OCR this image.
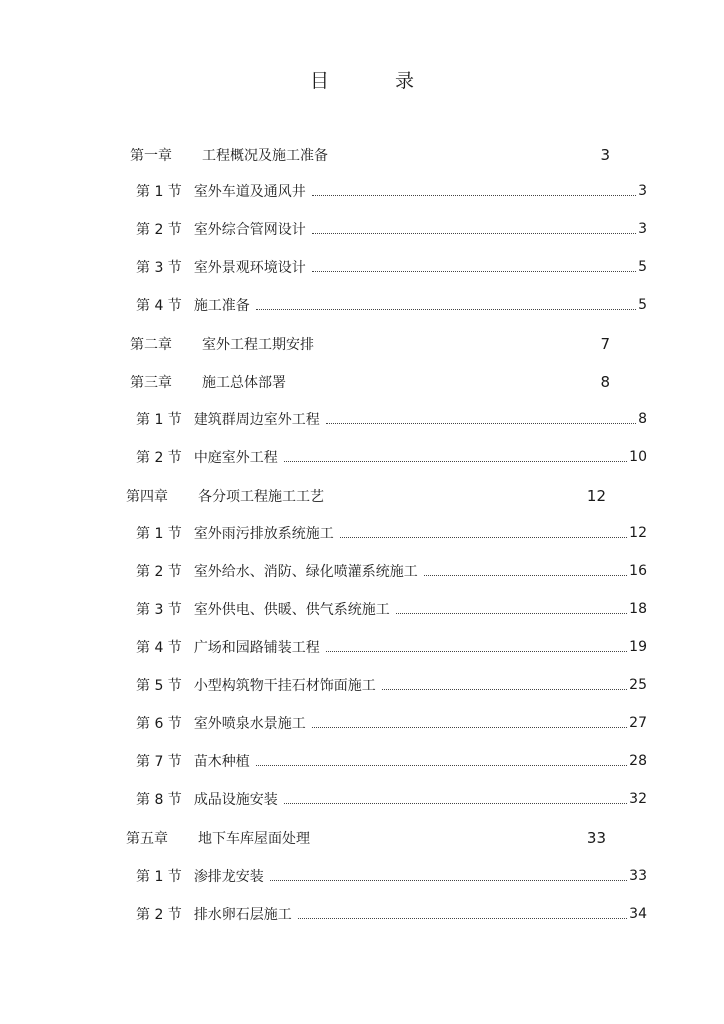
目 录
第一章	工程概况及施工准备	3
第 1 节 室外车道及通风井	3
第 2 节 室外综合管网设计	3
第 3 节 室外景观环境设计	5
第 4 节 施工准备	5
第二章	室外工程工期安排	7
第三章	施工总体部署	8
第 1 节 建筑群周边室外工程	8
第 2 节 中庭室外工程	10
第四章	各分项工程施工工艺	12
第 1 节 室外雨污排放系统施工	12
第 2 节 室外给水、消防、绿化喷灌系统施工	16
第 3 节 室外供电、供暖、供气系统施工	18
第 4 节 广场和园路铺装工程	19
第 5 节 小型构筑物干挂石材饰面施工	25
第 6 节 室外喷泉水景施工	27
第 7 节 苗木种植	28
第 8 节 成品设施安装	32
第五章	地下车库屋面处理	33
第 1 节 渗排龙安装	33
第 2 节 排水卵石层施工	34
